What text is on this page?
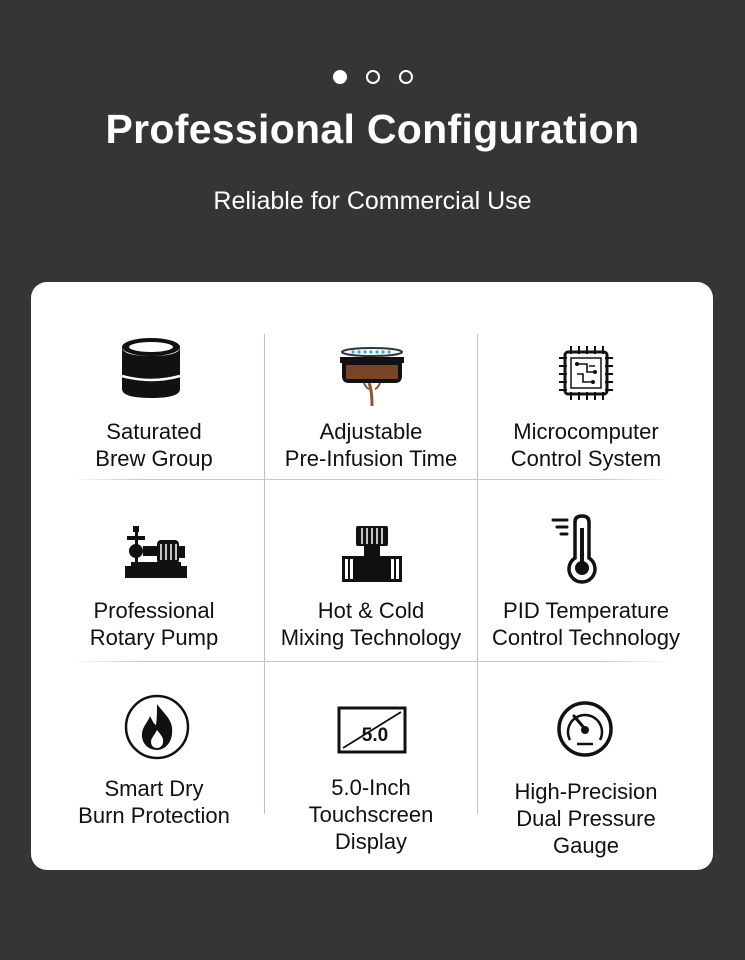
Professional Configuration
Reliable for Commercial Use
Saturated
Brew Group
Adjustable
Pre-Infusion Time
Microcomputer
Control System
Professional
Rotary Pump
Hot & Cold
Mixing Technology
PID Temperature
Control Technology
Smart Dry
Burn Protection
5.0
5.0-Inch
Touchscreen
Display
High-Precision
Dual Pressure
Gauge
